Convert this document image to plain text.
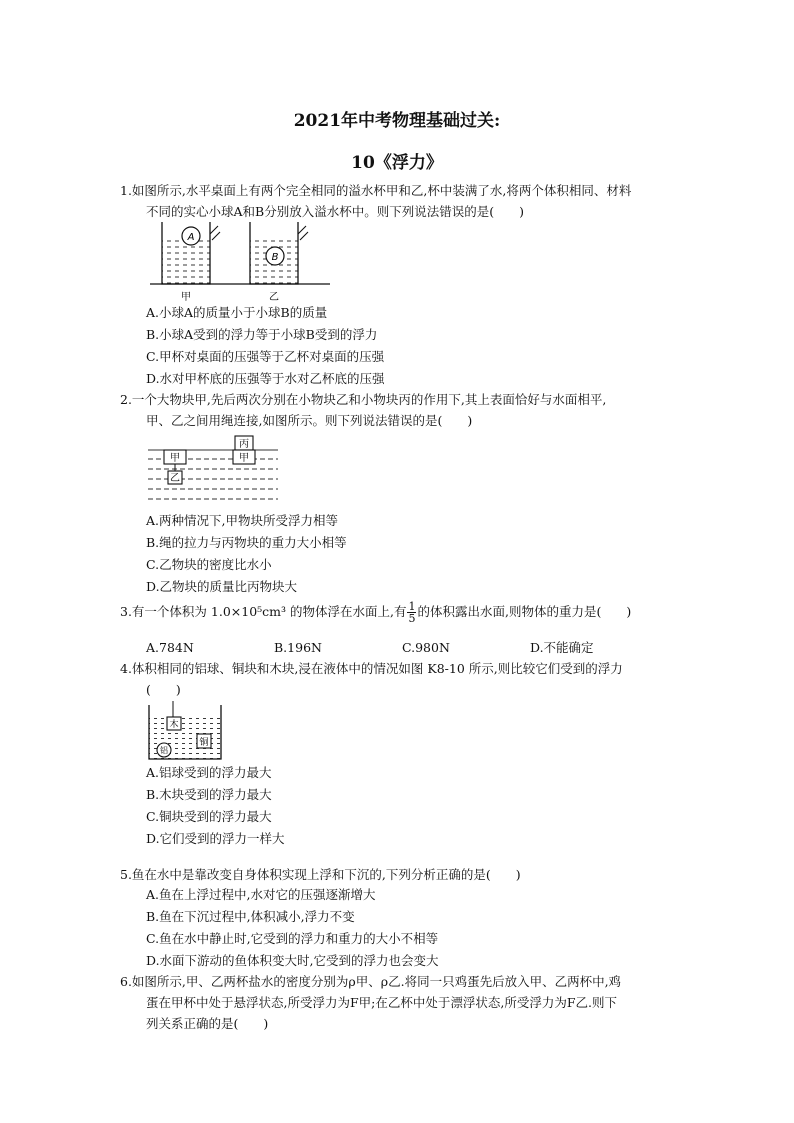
2021年中考物理基础过关:
10《浮力》
1.如图所示,水平桌面上有两个完全相同的溢水杯甲和乙,杯中装满了水,将两个体积相同、材料
不同的实心小球A和B分别放入溢水杯中。则下列说法错误的是(　　)
A
B
甲	乙
A.小球A的质量小于小球B的质量
B.小球A受到的浮力等于小球B受到的浮力
C.甲杯对桌面的压强等于乙杯对桌面的压强
D.水对甲杯底的压强等于水对乙杯底的压强
2.一个大物块甲,先后两次分别在小物块乙和小物块丙的作用下,其上表面恰好与水面相平,
甲、乙之间用绳连接,如图所示。则下列说法错误的是(　　)
甲
乙
丙
甲
A.两种情况下,甲物块所受浮力相等
B.绳的拉力与丙物块的重力大小相等
C.乙物块的密度比水小
D.乙物块的质量比丙物块大
3.有一个体积为 1.0×10⁵cm³ 的物体浮在水面上,有 $\frac{1}{5}$ 的体积露出水面,则物体的重力是(　　)
A.784N	B.196N	C.980N	D.不能确定
4.体积相同的铝球、铜块和木块,浸在液体中的情况如图 K8-10 所示,则比较它们受到的浮力
(　　)
木
铝
铜
A.铝球受到的浮力最大
B.木块受到的浮力最大
C.铜块受到的浮力最大
D.它们受到的浮力一样大
5.鱼在水中是靠改变自身体积实现上浮和下沉的,下列分析正确的是(　　)
A.鱼在上浮过程中,水对它的压强逐渐增大
B.鱼在下沉过程中,体积减小,浮力不变
C.鱼在水中静止时,它受到的浮力和重力的大小不相等
D.水面下游动的鱼体积变大时,它受到的浮力也会变大
6.如图所示,甲、乙两杯盐水的密度分别为ρ甲、ρ乙.将同一只鸡蛋先后放入甲、乙两杯中,鸡
蛋在甲杯中处于悬浮状态,所受浮力为F甲;在乙杯中处于漂浮状态,所受浮力为F乙.则下
列关系正确的是(　　)
